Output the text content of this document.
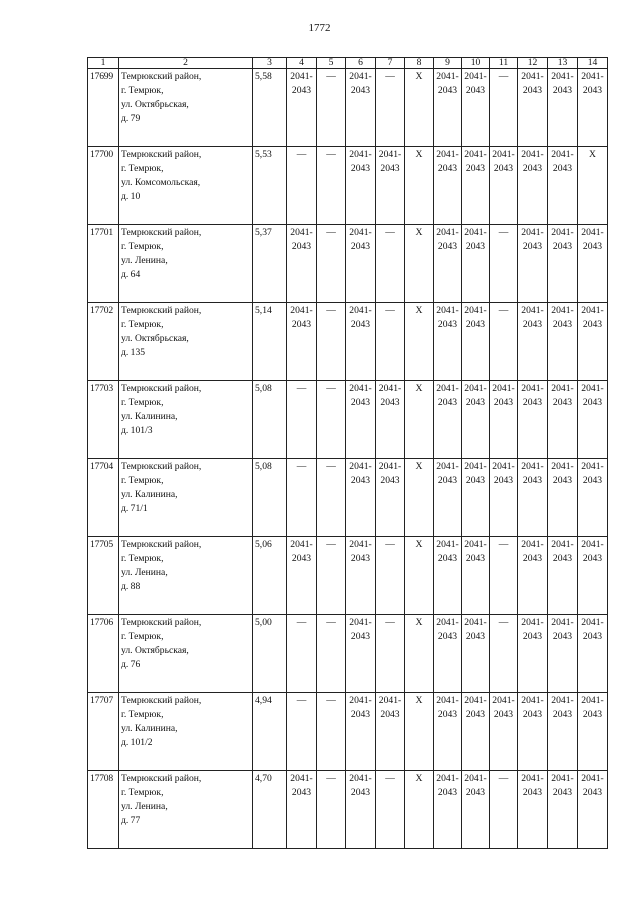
1772
1	2	3	4	5	6	7	8	9	10	11	12	13	14
17699	Темрюкский район,
г. Темрюк,
ул. Октябрьская,
д. 79	5,58	2041-
2043	—	2041-
2043	—	X	2041-
2043	2041-
2043	—	2041-
2043	2041-
2043	2041-
2043

17700	Темрюкский район,
г. Темрюк,
ул. Комсомольская,
д. 10	5,53	—	—	2041-
2043	2041-
2043	X	2041-
2043	2041-
2043	2041-
2043	2041-
2043	2041-
2043	X
17701	Темрюкский район,
г. Темрюк,
ул. Ленина,
д. 64	5,37	2041-
2043	—	2041-
2043	—	X	2041-
2043	2041-
2043	—	2041-
2043	2041-
2043	2041-
2043

17702	Темрюкский район,
г. Темрюк,
ул. Октябрьская,
д. 135	5,14	2041-
2043	—	2041-
2043	—	X	2041-
2043	2041-
2043	—	2041-
2043	2041-
2043	2041-
2043

17703	Темрюкский район,
г. Темрюк,
ул. Калинина,
д. 101/3	5,08	—	—	2041-
2043	2041-
2043	X	2041-
2043	2041-
2043	2041-
2043	2041-
2043	2041-
2043	2041-
2043

17704	Темрюкский район,
г. Темрюк,
ул. Калинина,
д. 71/1	5,08	—	—	2041-
2043	2041-
2043	X	2041-
2043	2041-
2043	2041-
2043	2041-
2043	2041-
2043	2041-
2043

17705	Темрюкский район,
г. Темрюк,
ул. Ленина,
д. 88	5,06	2041-
2043	—	2041-
2043	—	X	2041-
2043	2041-
2043	—	2041-
2043	2041-
2043	2041-
2043

17706	Темрюкский район,
г. Темрюк,
ул. Октябрьская,
д. 76	5,00	—	—	2041-
2043	—	X	2041-
2043	2041-
2043	—	2041-
2043	2041-
2043	2041-
2043

17707	Темрюкский район,
г. Темрюк,
ул. Калинина,
д. 101/2	4,94	—	—	2041-
2043	2041-
2043	X	2041-
2043	2041-
2043	2041-
2043	2041-
2043	2041-
2043	2041-
2043

17708	Темрюкский район,
г. Темрюк,
ул. Ленина,
д. 77	4,70	2041-
2043	—	2041-
2043	—	X	2041-
2043	2041-
2043	—	2041-
2043	2041-
2043	2041-
2043
